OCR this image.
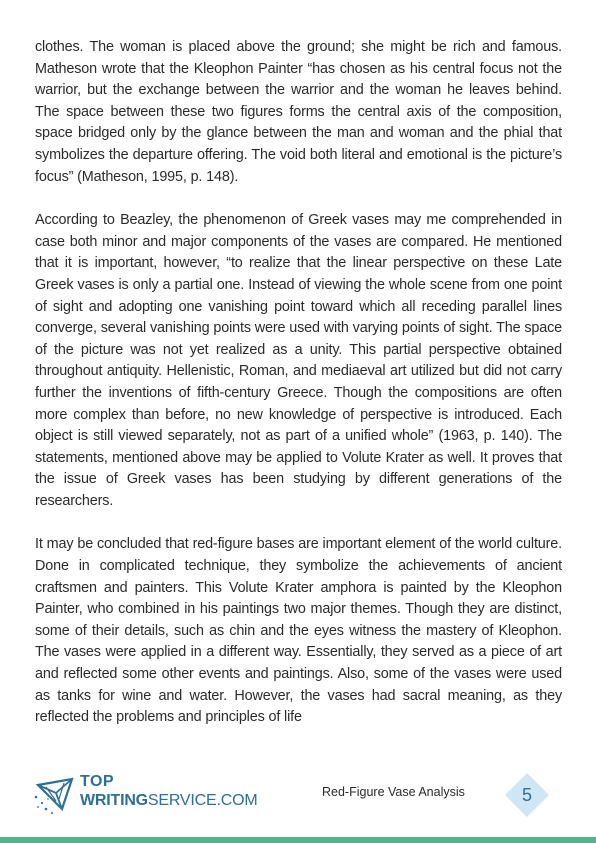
clothes. The woman is placed above the ground; she might be rich and famous. Matheson wrote that the Kleophon Painter “has chosen as his central focus not the warrior, but the exchange between the warrior and the woman he leaves behind. The space between these two figures forms the central axis of the composition, space bridged only by the glance between the man and woman and the phial that symbolizes the departure offering. The void both literal and emotional is the picture’s focus” (Matheson, 1995, p. 148).

According to Beazley, the phenomenon of Greek vases may me comprehended in case both minor and major components of the vases are compared. He mentioned that it is important, however, “to realize that the linear perspective on these Late Greek vases is only a partial one. Instead of viewing the whole scene from one point of sight and adopting one vanishing point toward which all receding parallel lines converge, several vanishing points were used with varying points of sight. The space of the picture was not yet realized as a unity. This partial perspective obtained throughout antiquity. Hellenistic, Roman, and mediaeval art utilized but did not carry further the inventions of fifth-century Greece. Though the compositions are often more complex than before, no new knowledge of perspective is introduced. Each object is still viewed separately, not as part of a unified whole” (1963, p. 140). The statements, mentioned above may be applied to Volute Krater as well. It proves that the issue of Greek vases has been studying by different generations of the researchers.

It may be concluded that red-figure bases are important element of the world culture. Done in complicated technique, they symbolize the achievements of ancient craftsmen and painters. This Volute Krater amphora is painted by the Kleophon Painter, who combined in his paintings two major themes. Though they are distinct, some of their details, such as chin and the eyes witness the mastery of Kleophon. The vases were applied in a different way. Essentially, they served as a piece of art and reflected some other events and paintings. Also, some of the vases were used as tanks for wine and water. However, the vases had sacral meaning, as they reflected the problems and principles of life

TOP
WRITINGSERVICE.COM	Red-Figure Vase Analysis	5
